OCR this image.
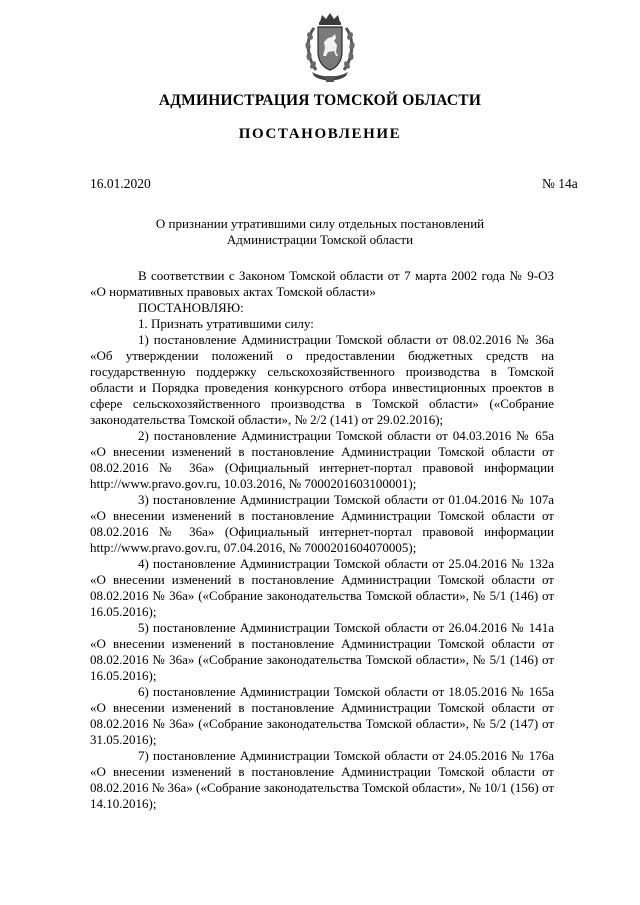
АДМИНИСТРАЦИЯ ТОМСКОЙ ОБЛАСТИ
ПОСТАНОВЛЕНИЕ
16.01.2020	№ 14а
О признании утратившими силу отдельных постановлений
Администрации Томской области

В соответствии с Законом Томской области от 7 марта 2002 года № 9-ОЗ «О нормативных правовых актах Томской области»

ПОСТАНОВЛЯЮ:

1. Признать утратившими силу:

1) постановление Администрации Томской области от 08.02.2016 № 36а «Об утверждении положений о предоставлении бюджетных средств на государственную поддержку сельскохозяйственного производства в Томской области и Порядка проведения конкурсного отбора инвестиционных проектов в сфере сельскохозяйственного производства в Томской области» («Собрание законодательства Томской области», № 2/2 (141) от 29.02.2016);

2) постановление Администрации Томской области от 04.03.2016 № 65а «О внесении изменений в постановление Администрации Томской области от 08.02.2016 № 36а» (Официальный интернет-портал правовой информации http://www.pravo.gov.ru, 10.03.2016, № 7000201603100001);

3) постановление Администрации Томской области от 01.04.2016 № 107а «О внесении изменений в постановление Администрации Томской области от 08.02.2016 № 36а» (Официальный интернет-портал правовой информации http://www.pravo.gov.ru, 07.04.2016, № 7000201604070005);

4) постановление Администрации Томской области от 25.04.2016 № 132а «О внесении изменений в постановление Администрации Томской области от 08.02.2016 № 36а» («Собрание законодательства Томской области», № 5/1 (146) от 16.05.2016);

5) постановление Администрации Томской области от 26.04.2016 № 141а «О внесении изменений в постановление Администрации Томской области от 08.02.2016 № 36а» («Собрание законодательства Томской области», № 5/1 (146) от 16.05.2016);

6) постановление Администрации Томской области от 18.05.2016 № 165а «О внесении изменений в постановление Администрации Томской области от 08.02.2016 № 36а» («Собрание законодательства Томской области», № 5/2 (147) от 31.05.2016);

7) постановление Администрации Томской области от 24.05.2016 № 176а «О внесении изменений в постановление Администрации Томской области от 08.02.2016 № 36а» («Собрание законодательства Томской области», № 10/1 (156) от 14.10.2016);
